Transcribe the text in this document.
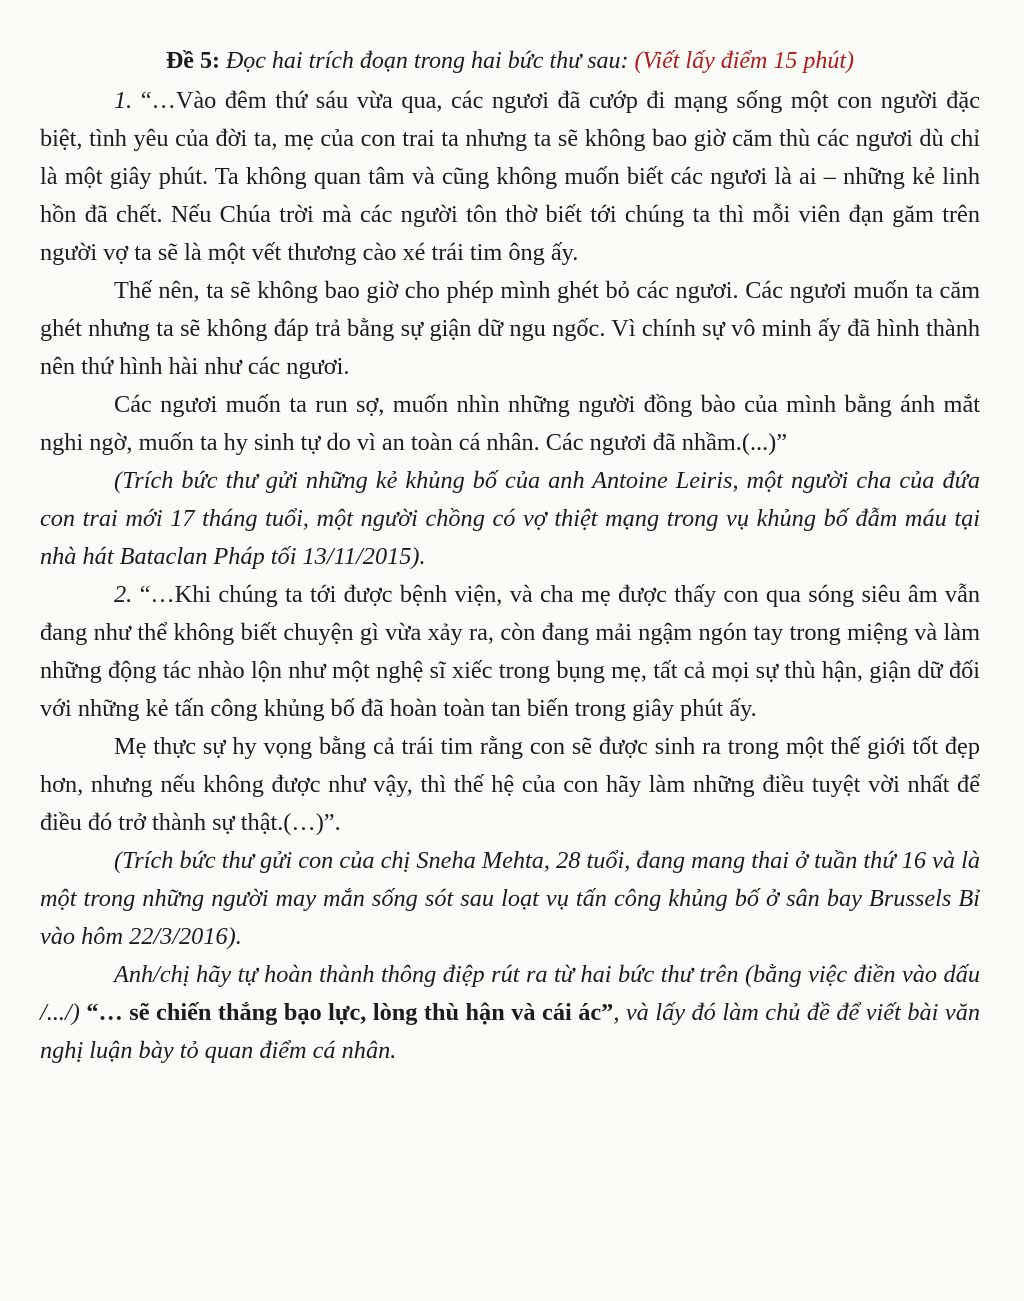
Đề 5: Đọc hai trích đoạn trong hai bức thư sau: (Viết lấy điểm 15 phút)

1. “…Vào đêm thứ sáu vừa qua, các ngươi đã cướp đi mạng sống một con người đặc biệt, tình yêu của đời ta, mẹ của con trai ta nhưng ta sẽ không bao giờ căm thù các ngươi dù chỉ là một giây phút. Ta không quan tâm và cũng không muốn biết các ngươi là ai – những kẻ linh hồn đã chết. Nếu Chúa trời mà các người tôn thờ biết tới chúng ta thì mỗi viên đạn găm trên người vợ ta sẽ là một vết thương cào xé trái tim ông ấy.

Thế nên, ta sẽ không bao giờ cho phép mình ghét bỏ các ngươi. Các ngươi muốn ta căm ghét nhưng ta sẽ không đáp trả bằng sự giận dữ ngu ngốc. Vì chính sự vô minh ấy đã hình thành nên thứ hình hài như các ngươi.

Các ngươi muốn ta run sợ, muốn nhìn những người đồng bào của mình bằng ánh mắt nghi ngờ, muốn ta hy sinh tự do vì an toàn cá nhân. Các ngươi đã nhầm.(...)”

(Trích bức thư gửi những kẻ khủng bố của anh Antoine Leiris, một người cha của đứa con trai mới 17 tháng tuổi, một người chồng có vợ thiệt mạng trong vụ khủng bố đẫm máu tại nhà hát Bataclan Pháp tối 13/11/2015).

2. “…Khi chúng ta tới được bệnh viện, và cha mẹ được thấy con qua sóng siêu âm vẫn đang như thể không biết chuyện gì vừa xảy ra, còn đang mải ngậm ngón tay trong miệng và làm những động tác nhào lộn như một nghệ sĩ xiếc trong bụng mẹ, tất cả mọi sự thù hận, giận dữ đối với những kẻ tấn công khủng bố đã hoàn toàn tan biến trong giây phút ấy.

Mẹ thực sự hy vọng bằng cả trái tim rằng con sẽ được sinh ra trong một thế giới tốt đẹp hơn, nhưng nếu không được như vậy, thì thế hệ của con hãy làm những điều tuyệt vời nhất để điều đó trở thành sự thật.(…)”.

(Trích bức thư gửi con của chị Sneha Mehta, 28 tuổi, đang mang thai ở tuần thứ 16 và là một trong những người may mắn sống sót sau loạt vụ tấn công khủng bố ở sân bay Brussels Bỉ vào hôm 22/3/2016).

Anh/chị hãy tự hoàn thành thông điệp rút ra từ hai bức thư trên (bằng việc điền vào dấu /.../) “… sẽ chiến thắng bạo lực, lòng thù hận và cái ác”, và lấy đó làm chủ đề để viết bài văn nghị luận bày tỏ quan điểm cá nhân.
